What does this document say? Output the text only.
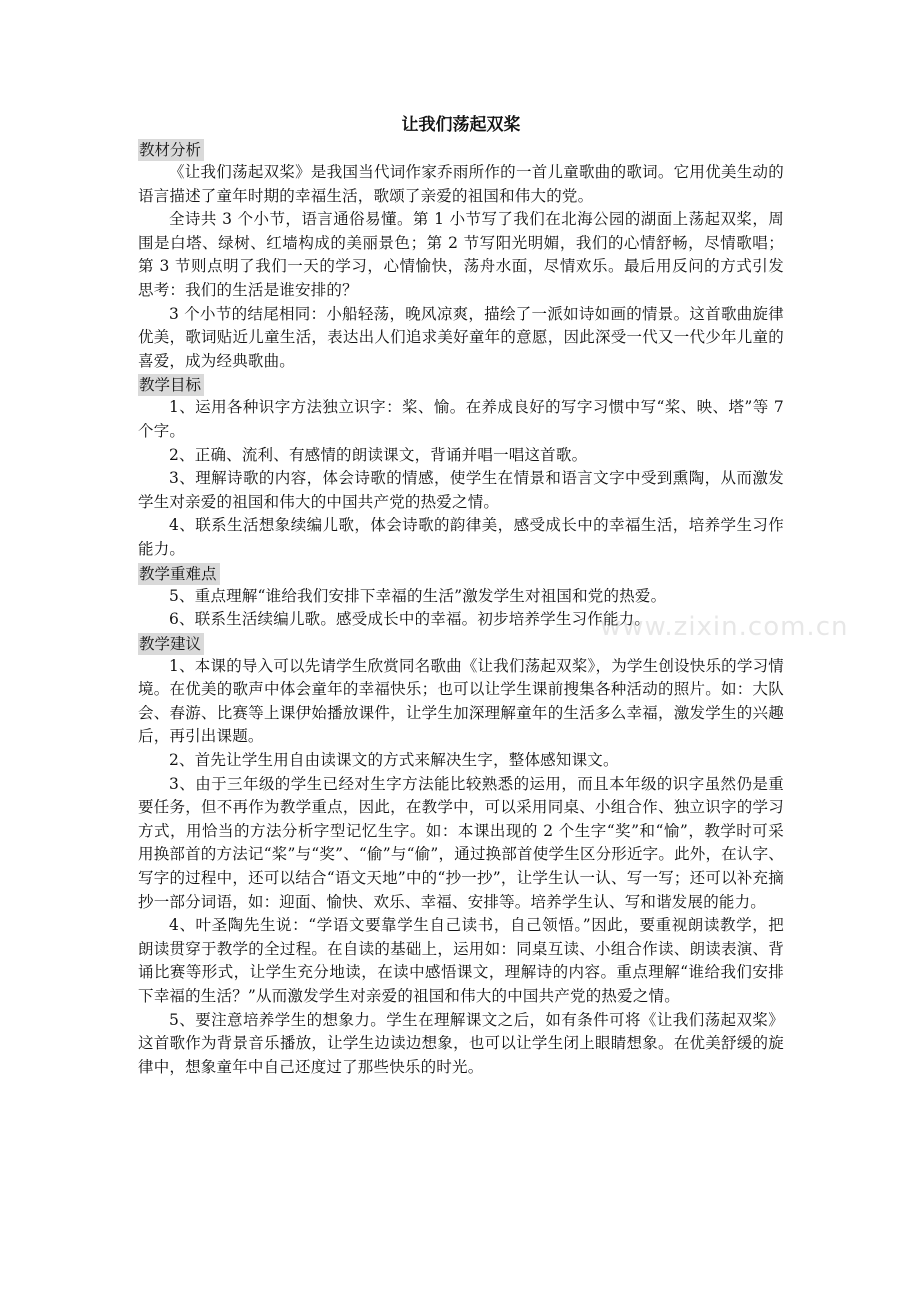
让我们荡起双桨
教材分析

《让我们荡起双桨》是我国当代词作家乔雨所作的一首儿童歌曲的歌词。它用优美生动的语言描述了童年时期的幸福生活，歌颂了亲爱的祖国和伟大的党。

全诗共 3 个小节，语言通俗易懂。第 1 小节写了我们在北海公园的湖面上荡起双桨，周围是白塔、绿树、红墙构成的美丽景色；第 2 节写阳光明媚，我们的心情舒畅，尽情歌唱；第 3 节则点明了我们一天的学习，心情愉快，荡舟水面，尽情欢乐。最后用反问的方式引发思考：我们的生活是谁安排的？

3 个小节的结尾相同：小船轻荡，晚风凉爽，描绘了一派如诗如画的情景。这首歌曲旋律优美，歌词贴近儿童生活，表达出人们追求美好童年的意愿，因此深受一代又一代少年儿童的喜爱，成为经典歌曲。

教学目标

1、运用各种识字方法独立识字：桨、愉。在养成良好的写字习惯中写“桨、映、塔”等 7 个字。

2、正确、流利、有感情的朗读课文，背诵并唱一唱这首歌。

3、理解诗歌的内容，体会诗歌的情感，使学生在情景和语言文字中受到熏陶，从而激发学生对亲爱的祖国和伟大的中国共产党的热爱之情。

4、联系生活想象续编儿歌，体会诗歌的韵律美，感受成长中的幸福生活，培养学生习作能力。

教学重难点

5、重点理解“谁给我们安排下幸福的生活”激发学生对祖国和党的热爱。

6、联系生活续编儿歌。感受成长中的幸福。初步培养学生习作能力。

教学建议

1、本课的导入可以先请学生欣赏同名歌曲《让我们荡起双桨》，为学生创设快乐的学习情境。在优美的歌声中体会童年的幸福快乐；也可以让学生课前搜集各种活动的照片。如：大队会、春游、比赛等上课伊始播放课件，让学生加深理解童年的生活多么幸福，激发学生的兴趣后，再引出课题。

2、首先让学生用自由读课文的方式来解决生字，整体感知课文。

3、由于三年级的学生已经对生字方法能比较熟悉的运用，而且本年级的识字虽然仍是重要任务，但不再作为教学重点，因此，在教学中，可以采用同桌、小组合作、独立识字的学习方式，用恰当的方法分析字型记忆生字。如：本课出现的 2 个生字“奖”和“愉”，教学时可采用换部首的方法记“桨”与“奖”、“偷”与“偷”，通过换部首使学生区分形近字。此外，在认字、写字的过程中，还可以结合“语文天地”中的“抄一抄”，让学生认一认、写一写；还可以补充摘抄一部分词语，如：迎面、愉快、欢乐、幸福、安排等。培养学生认、写和谐发展的能力。

4、叶圣陶先生说：“学语文要靠学生自己读书，自己领悟。”因此，要重视朗读教学，把朗读贯穿于教学的全过程。在自读的基础上，运用如：同桌互读、小组合作读、朗读表演、背诵比赛等形式，让学生充分地读，在读中感悟课文，理解诗的内容。重点理解“谁给我们安排下幸福的生活？”从而激发学生对亲爱的祖国和伟大的中国共产党的热爱之情。

5、要注意培养学生的想象力。学生在理解课文之后，如有条件可将《让我们荡起双桨》这首歌作为背景音乐播放，让学生边读边想象，也可以让学生闭上眼睛想象。在优美舒缓的旋律中，想象童年中自己还度过了那些快乐的时光。

www.zixin.com.cn
